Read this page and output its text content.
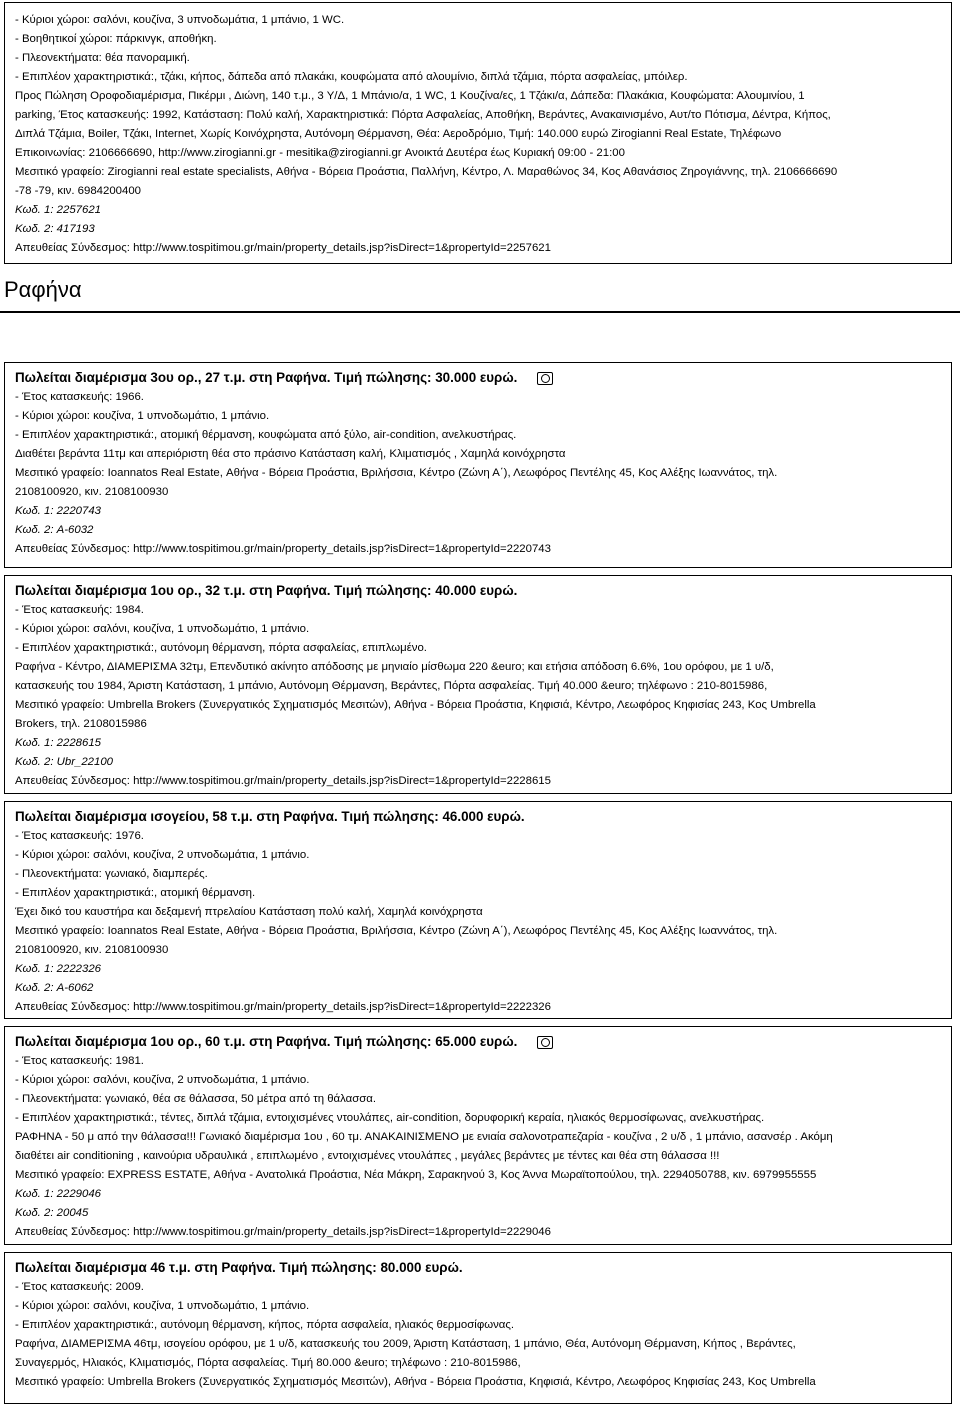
- Κύριοι χώροι: σαλόνι, κουζίνα, 3 υπνοδωμάτια, 1 μπάνιο, 1 WC.
- Βοηθητικοί χώροι: πάρκινγκ, αποθήκη.
- Πλεονεκτήματα: θέα πανοραμική.
- Επιπλέον χαρακτηριστικά:, τζάκι, κήπος, δάπεδα από πλακάκι, κουφώματα από αλουμίνιο, διπλά τζάμια, πόρτα ασφαλείας, μπόιλερ.
Προς Πώληση Οροφοδιαμέρισμα, Πικέρμι , Διώνη, 140 τ.μ., 3 Υ/Δ, 1 Μπάνιο/α, 1 WC, 1 Κουζίνα/ες, 1 Τζάκι/α, Δάπεδα: Πλακάκια, Κουφώματα: Αλουμινίου, 1
parking, Έτος κατασκευής: 1992, Κατάσταση: Πολύ καλή, Χαρακτηριστικά: Πόρτα Ασφαλείας, Αποθήκη, Βεράντες, Ανακαινισμένο, Αυτ/το Πότισμα, Δέντρα, Κήπος,
Διπλά Τζάμια, Boiler, Τζάκι, Internet, Χωρίς Κοινόχρηστα, Αυτόνομη Θέρμανση, Θέα: Αεροδρόμιο, Τιμή: 140.000 ευρώ Zirogianni Real Estate, Τηλέφωνο
Επικοινωνίας: 2106666690, http://www.zirogianni.gr - mesitika@zirogianni.gr Ανοικτά Δευτέρα έως Κυριακή 09:00 - 21:00
Μεσιτικό γραφείο: Zirogianni real estate specialists, Αθήνα - Βόρεια Προάστια, Παλλήνη, Κέντρο, Λ. Μαραθώνος 34, Κος Αθανάσιος Ζηρογιάννης, τηλ. 2106666690
-78 -79, κιν. 6984200400
Κωδ. 1: 2257621
Κωδ. 2: 417193
Απευθείας Σύνδεσμος: http://www.tospitimou.gr/main/property_details.jsp?isDirect=1&propertyId=2257621
Ραφήνα
Πωλείται διαμέρισμα 3ου ορ., 27 τ.μ. στη Ραφήνα. Τιμή πώλησης: 30.000 ευρώ.
- Έτος κατασκευής: 1966.
- Κύριοι χώροι: κουζίνα, 1 υπνοδωμάτιο, 1 μπάνιο.
- Επιπλέον χαρακτηριστικά:, ατομική θέρμανση, κουφώματα από ξύλο, air-condition, ανελκυστήρας.
Διαθέτει βεράντα 11τμ και απεριόριστη θέα στο πράσινο Κατάσταση καλή, Κλιματισμός , Χαμηλά κοινόχρηστα
Μεσιτικό γραφείο: Ioannatos Real Estate, Αθήνα - Βόρεια Προάστια, Βριλήσσια, Κέντρο (Ζώνη Α΄), Λεωφόρος Πεντέλης 45, Κος Αλέξης Ιωαννάτος, τηλ.
2108100920, κιν. 2108100930
Κωδ. 1: 2220743
Κωδ. 2: A-6032
Απευθείας Σύνδεσμος: http://www.tospitimou.gr/main/property_details.jsp?isDirect=1&propertyId=2220743
Πωλείται διαμέρισμα 1ου ορ., 32 τ.μ. στη Ραφήνα. Τιμή πώλησης: 40.000 ευρώ.
- Έτος κατασκευής: 1984.
- Κύριοι χώροι: σαλόνι, κουζίνα, 1 υπνοδωμάτιο, 1 μπάνιο.
- Επιπλέον χαρακτηριστικά:, αυτόνομη θέρμανση, πόρτα ασφαλείας, επιπλωμένο.
Ραφήνα - Κέντρο, ΔΙΑΜΕΡΙΣΜΑ 32τμ, Επενδυτικό ακίνητο απόδοσης με μηνιαίο μίσθωμα 220 &euro; και ετήσια απόδοση 6.6%, 1ου ορόφου, με 1 υ/δ,
κατασκευής του 1984, Άριστη Κατάσταση, 1 μπάνιο, Αυτόνομη Θέρμανση, Βεράντες, Πόρτα ασφαλείας. Τιμή 40.000 &euro; τηλέφωνο : 210-8015986,
Μεσιτικό γραφείο: Umbrella Brokers (Συνεργατικός Σχηματισμός Μεσιτών), Αθήνα - Βόρεια Προάστια, Κηφισιά, Κέντρο, Λεωφόρος Κηφισίας 243, Κος Umbrella
Brokers, τηλ. 2108015986
Κωδ. 1: 2228615
Κωδ. 2: Ubr_22100
Απευθείας Σύνδεσμος: http://www.tospitimou.gr/main/property_details.jsp?isDirect=1&propertyId=2228615
Πωλείται διαμέρισμα ισογείου, 58 τ.μ. στη Ραφήνα. Τιμή πώλησης: 46.000 ευρώ.
- Έτος κατασκευής: 1976.
- Κύριοι χώροι: σαλόνι, κουζίνα, 2 υπνοδωμάτια, 1 μπάνιο.
- Πλεονεκτήματα: γωνιακό, διαμπερές.
- Επιπλέον χαρακτηριστικά:, ατομική θέρμανση.
Έχει δικό του καυστήρα και δεξαμενή πτρελαίου Κατάσταση πολύ καλή, Χαμηλά κοινόχρηστα
Μεσιτικό γραφείο: Ioannatos Real Estate, Αθήνα - Βόρεια Προάστια, Βριλήσσια, Κέντρο (Ζώνη Α΄), Λεωφόρος Πεντέλης 45, Κος Αλέξης Ιωαννάτος, τηλ.
2108100920, κιν. 2108100930
Κωδ. 1: 2222326
Κωδ. 2: A-6062
Απευθείας Σύνδεσμος: http://www.tospitimou.gr/main/property_details.jsp?isDirect=1&propertyId=2222326
Πωλείται διαμέρισμα 1ου ορ., 60 τ.μ. στη Ραφήνα. Τιμή πώλησης: 65.000 ευρώ.
- Έτος κατασκευής: 1981.
- Κύριοι χώροι: σαλόνι, κουζίνα, 2 υπνοδωμάτια, 1 μπάνιο.
- Πλεονεκτήματα: γωνιακό, θέα σε θάλασσα, 50 μέτρα από τη θάλασσα.
- Επιπλέον χαρακτηριστικά:, τέντες, διπλά τζάμια, εντοιχισμένες ντουλάπες, air-condition, δορυφορική κεραία, ηλιακός θερμοσίφωνας, ανελκυστήρας.
ΡΑΦΗΝΑ - 50 μ από την θάλασσα!!! Γωνιακό διαμέρισμα 1ου , 60 τμ. ΑΝΑΚΑΙΝΙΣΜΕΝΟ με ενιαία σαλονοτραπεζαρία - κουζίνα , 2 υ/δ , 1 μπάνιο, ασανσέρ . Ακόμη
διαθέτει air conditioning , καινούρια υδραυλικά , επιπλωμένο , εντοιχισμένες ντουλάπες , μεγάλες βεράντες με τέντες και θέα στη θάλασσα !!!
Μεσιτικό γραφείο: EXPRESS ESTATE, Αθήνα - Ανατολικά Προάστια, Νέα Μάκρη, Σαρακηνού 3, Κος Άννα Μωραϊτοπούλου, τηλ. 2294050788, κιν. 6979955555
Κωδ. 1: 2229046
Κωδ. 2: 20045
Απευθείας Σύνδεσμος: http://www.tospitimou.gr/main/property_details.jsp?isDirect=1&propertyId=2229046
Πωλείται διαμέρισμα 46 τ.μ. στη Ραφήνα. Τιμή πώλησης: 80.000 ευρώ.
- Έτος κατασκευής: 2009.
- Κύριοι χώροι: σαλόνι, κουζίνα, 1 υπνοδωμάτιο, 1 μπάνιο.
- Επιπλέον χαρακτηριστικά:, αυτόνομη θέρμανση, κήπος, πόρτα ασφαλεία, ηλιακός θερμοσίφωνας.
Ραφήνα, ΔΙΑΜΕΡΙΣΜΑ 46τμ, ισογείου ορόφου, με 1 υ/δ, κατασκευής του 2009, Άριστη Κατάσταση, 1 μπάνιο, Θέα, Αυτόνομη Θέρμανση, Κήπος , Βεράντες,
Συναγερμός, Ηλιακός, Κλιματισμός, Πόρτα ασφαλείας. Τιμή 80.000 &euro; τηλέφωνο : 210-8015986,
Μεσιτικό γραφείο: Umbrella Brokers (Συνεργατικός Σχηματισμός Μεσιτών), Αθήνα - Βόρεια Προάστια, Κηφισιά, Κέντρο, Λεωφόρος Κηφισίας 243, Κος Umbrella
